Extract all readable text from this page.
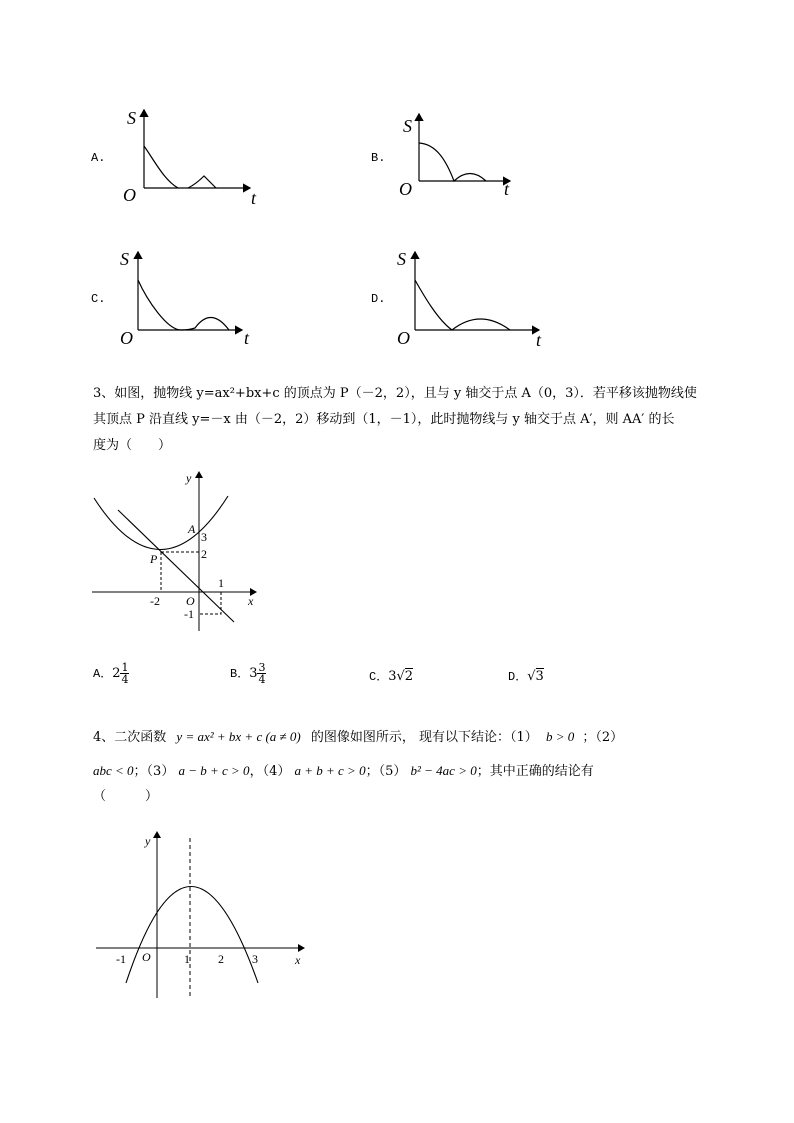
A.
S
O	t
B.
S
O	t
C.
S
O	t
D.
S
O	t
3、如图，抛物线 y=ax²+bx+c 的顶点为 P（－2，2），且与 y 轴交于点 A（0，3）．若平移该抛物线使
其顶点 P 沿直线 y=－x 由（－2，2）移动到（1，－1），此时抛物线与 y 轴交于点 A′，则 AA′ 的长
度为（　　）
y
x
O
A
P
3
2
1
-1
-2
A．$2 \frac{1}{4}$	B．$3 \frac{3}{4}$	C．3√2	D．√3
4、二次函数 y = ax² + bx + c (a ≠ 0) 的图像如图所示， 现有以下结论：（1） b > 0 ；（2）
abc < 0；（3） a − b + c > 0，（4） a + b + c > 0；（5） b² − 4ac > 0；其中正确的结论有
（　　　）
y
x
O
-1	1 2 3
